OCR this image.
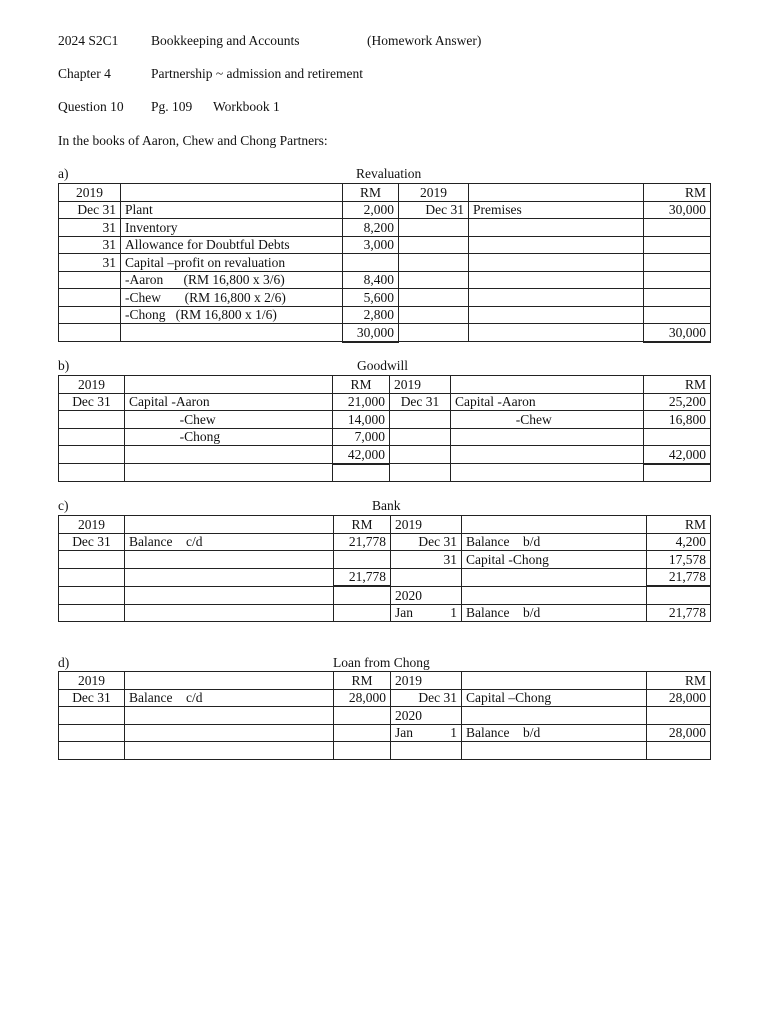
2024 S2C1 Bookkeeping and Accounts	(Homework Answer)
Chapter 4	Partnership ~ admission and retirement
Question 10 Pg. 109 Workbook 1
In the books of Aaron, Chew and Chong Partners:
a)	Revaluation
2019		RM	2019		RM
Dec 31	Plant	2,000	Dec 31	Premises	30,000
31	Inventory	8,200			
31	Allowance for Doubtful Debts	3,000			
31	Capital –profit on revaluation				
	-Aaron      (RM 16,800 x 3/6)	8,400			
	-Chew       (RM 16,800 x 2/6)	5,600			
	-Chong   (RM 16,800 x 1/6)	2,800			
		30,000			30,000
b)	Goodwill
2019		RM	2019		RM
Dec 31	Capital -Aaron	21,000	Dec 31	Capital -Aaron	25,200
	-Chew	14,000		-Chew	16,800
	-Chong	7,000			
		42,000			42,000

c)	Bank
2019		RM	2019		RM
Dec 31	Balance    c/d	21,778	Dec 31	Balance    b/d	4,200
			31	Capital -Chong	17,578
		21,778			21,778
			2020		

			Jan 1	Balance    b/d	21,778
d)	Loan from Chong
2019		RM	2019		RM
Dec 31	Balance    c/d	28,000	Dec 31	Capital –Chong	28,000
			2020		

			Jan 1	Balance    b/d	28,000
